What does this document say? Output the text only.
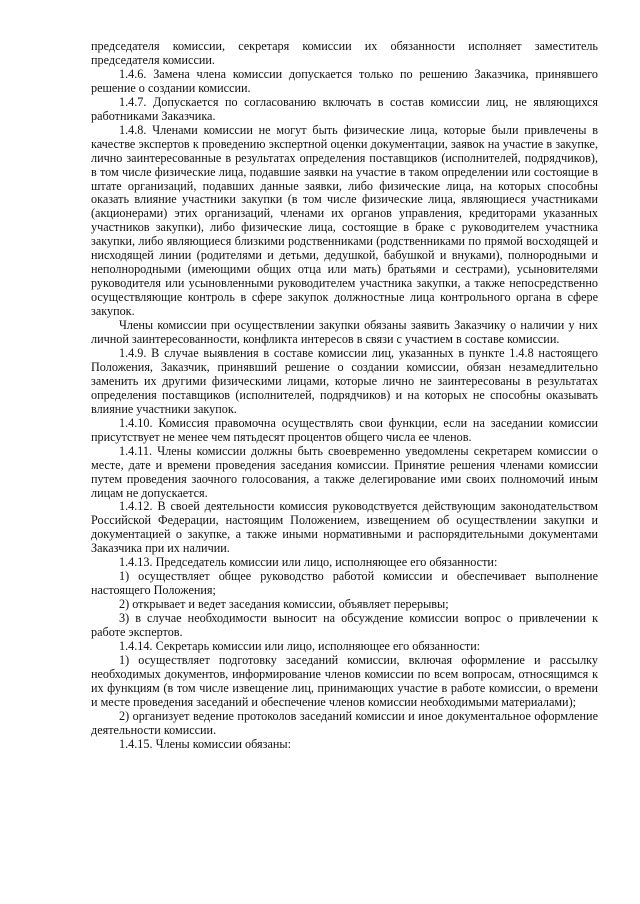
председателя комиссии, секретаря комиссии их обязанности исполняет заместитель председателя комиссии.

1.4.6. Замена члена комиссии допускается только по решению Заказчика, принявшего решение о создании комиссии.

1.4.7. Допускается по согласованию включать в состав комиссии лиц, не являющихся работниками Заказчика.

1.4.8. Членами комиссии не могут быть физические лица, которые были привлечены в качестве экспертов к проведению экспертной оценки документации, заявок на участие в закупке, лично заинтересованные в результатах определения поставщиков (исполнителей, подрядчиков), в том числе физические лица, подавшие заявки на участие в таком определении или состоящие в штате организаций, подавших данные заявки, либо физические лица, на которых способны оказать влияние участники закупки (в том числе физические лица, являющиеся участниками (акционерами) этих организаций, членами их органов управления, кредиторами указанных участников закупки), либо физические лица, состоящие в браке с руководителем участника закупки, либо являющиеся близкими родственниками (родственниками по прямой восходящей и нисходящей линии (родителями и детьми, дедушкой, бабушкой и внуками), полнородными и неполнородными (имеющими общих отца или мать) братьями и сестрами), усыновителями руководителя или усыновленными руководителем участника закупки, а также непосредственно осуществляющие контроль в сфере закупок должностные лица контрольного органа в сфере закупок.

Члены комиссии при осуществлении закупки обязаны заявить Заказчику о наличии у них личной заинтересованности, конфликта интересов в связи с участием в составе комиссии.

1.4.9. В случае выявления в составе комиссии лиц, указанных в пункте 1.4.8 настоящего Положения, Заказчик, принявший решение о создании комиссии, обязан незамедлительно заменить их другими физическими лицами, которые лично не заинтересованы в результатах определения поставщиков (исполнителей, подрядчиков) и на которых не способны оказывать влияние участники закупок.

1.4.10. Комиссия правомочна осуществлять свои функции, если на заседании комиссии присутствует не менее чем пятьдесят процентов общего числа ее членов.

1.4.11. Члены комиссии должны быть своевременно уведомлены секретарем комиссии о месте, дате и времени проведения заседания комиссии. Принятие решения членами комиссии путем проведения заочного голосования, а также делегирование ими своих полномочий иным лицам не допускается.

1.4.12. В своей деятельности комиссия руководствуется действующим законодательством Российской Федерации, настоящим Положением, извещением об осуществлении закупки и документацией о закупке, а также иными нормативными и распорядительными документами Заказчика при их наличии.

1.4.13. Председатель комиссии или лицо, исполняющее его обязанности:

1) осуществляет общее руководство работой комиссии и обеспечивает выполнение настоящего Положения;

2) открывает и ведет заседания комиссии, объявляет перерывы;

3) в случае необходимости выносит на обсуждение комиссии вопрос о привлечении к работе экспертов.

1.4.14. Секретарь комиссии или лицо, исполняющее его обязанности:

1) осуществляет подготовку заседаний комиссии, включая оформление и рассылку необходимых документов, информирование членов комиссии по всем вопросам, относящимся к их функциям (в том числе извещение лиц, принимающих участие в работе комиссии, о времени и месте проведения заседаний и обеспечение членов комиссии необходимыми материалами);

2) организует ведение протоколов заседаний комиссии и иное документальное оформление деятельности комиссии.

1.4.15. Члены комиссии обязаны:
